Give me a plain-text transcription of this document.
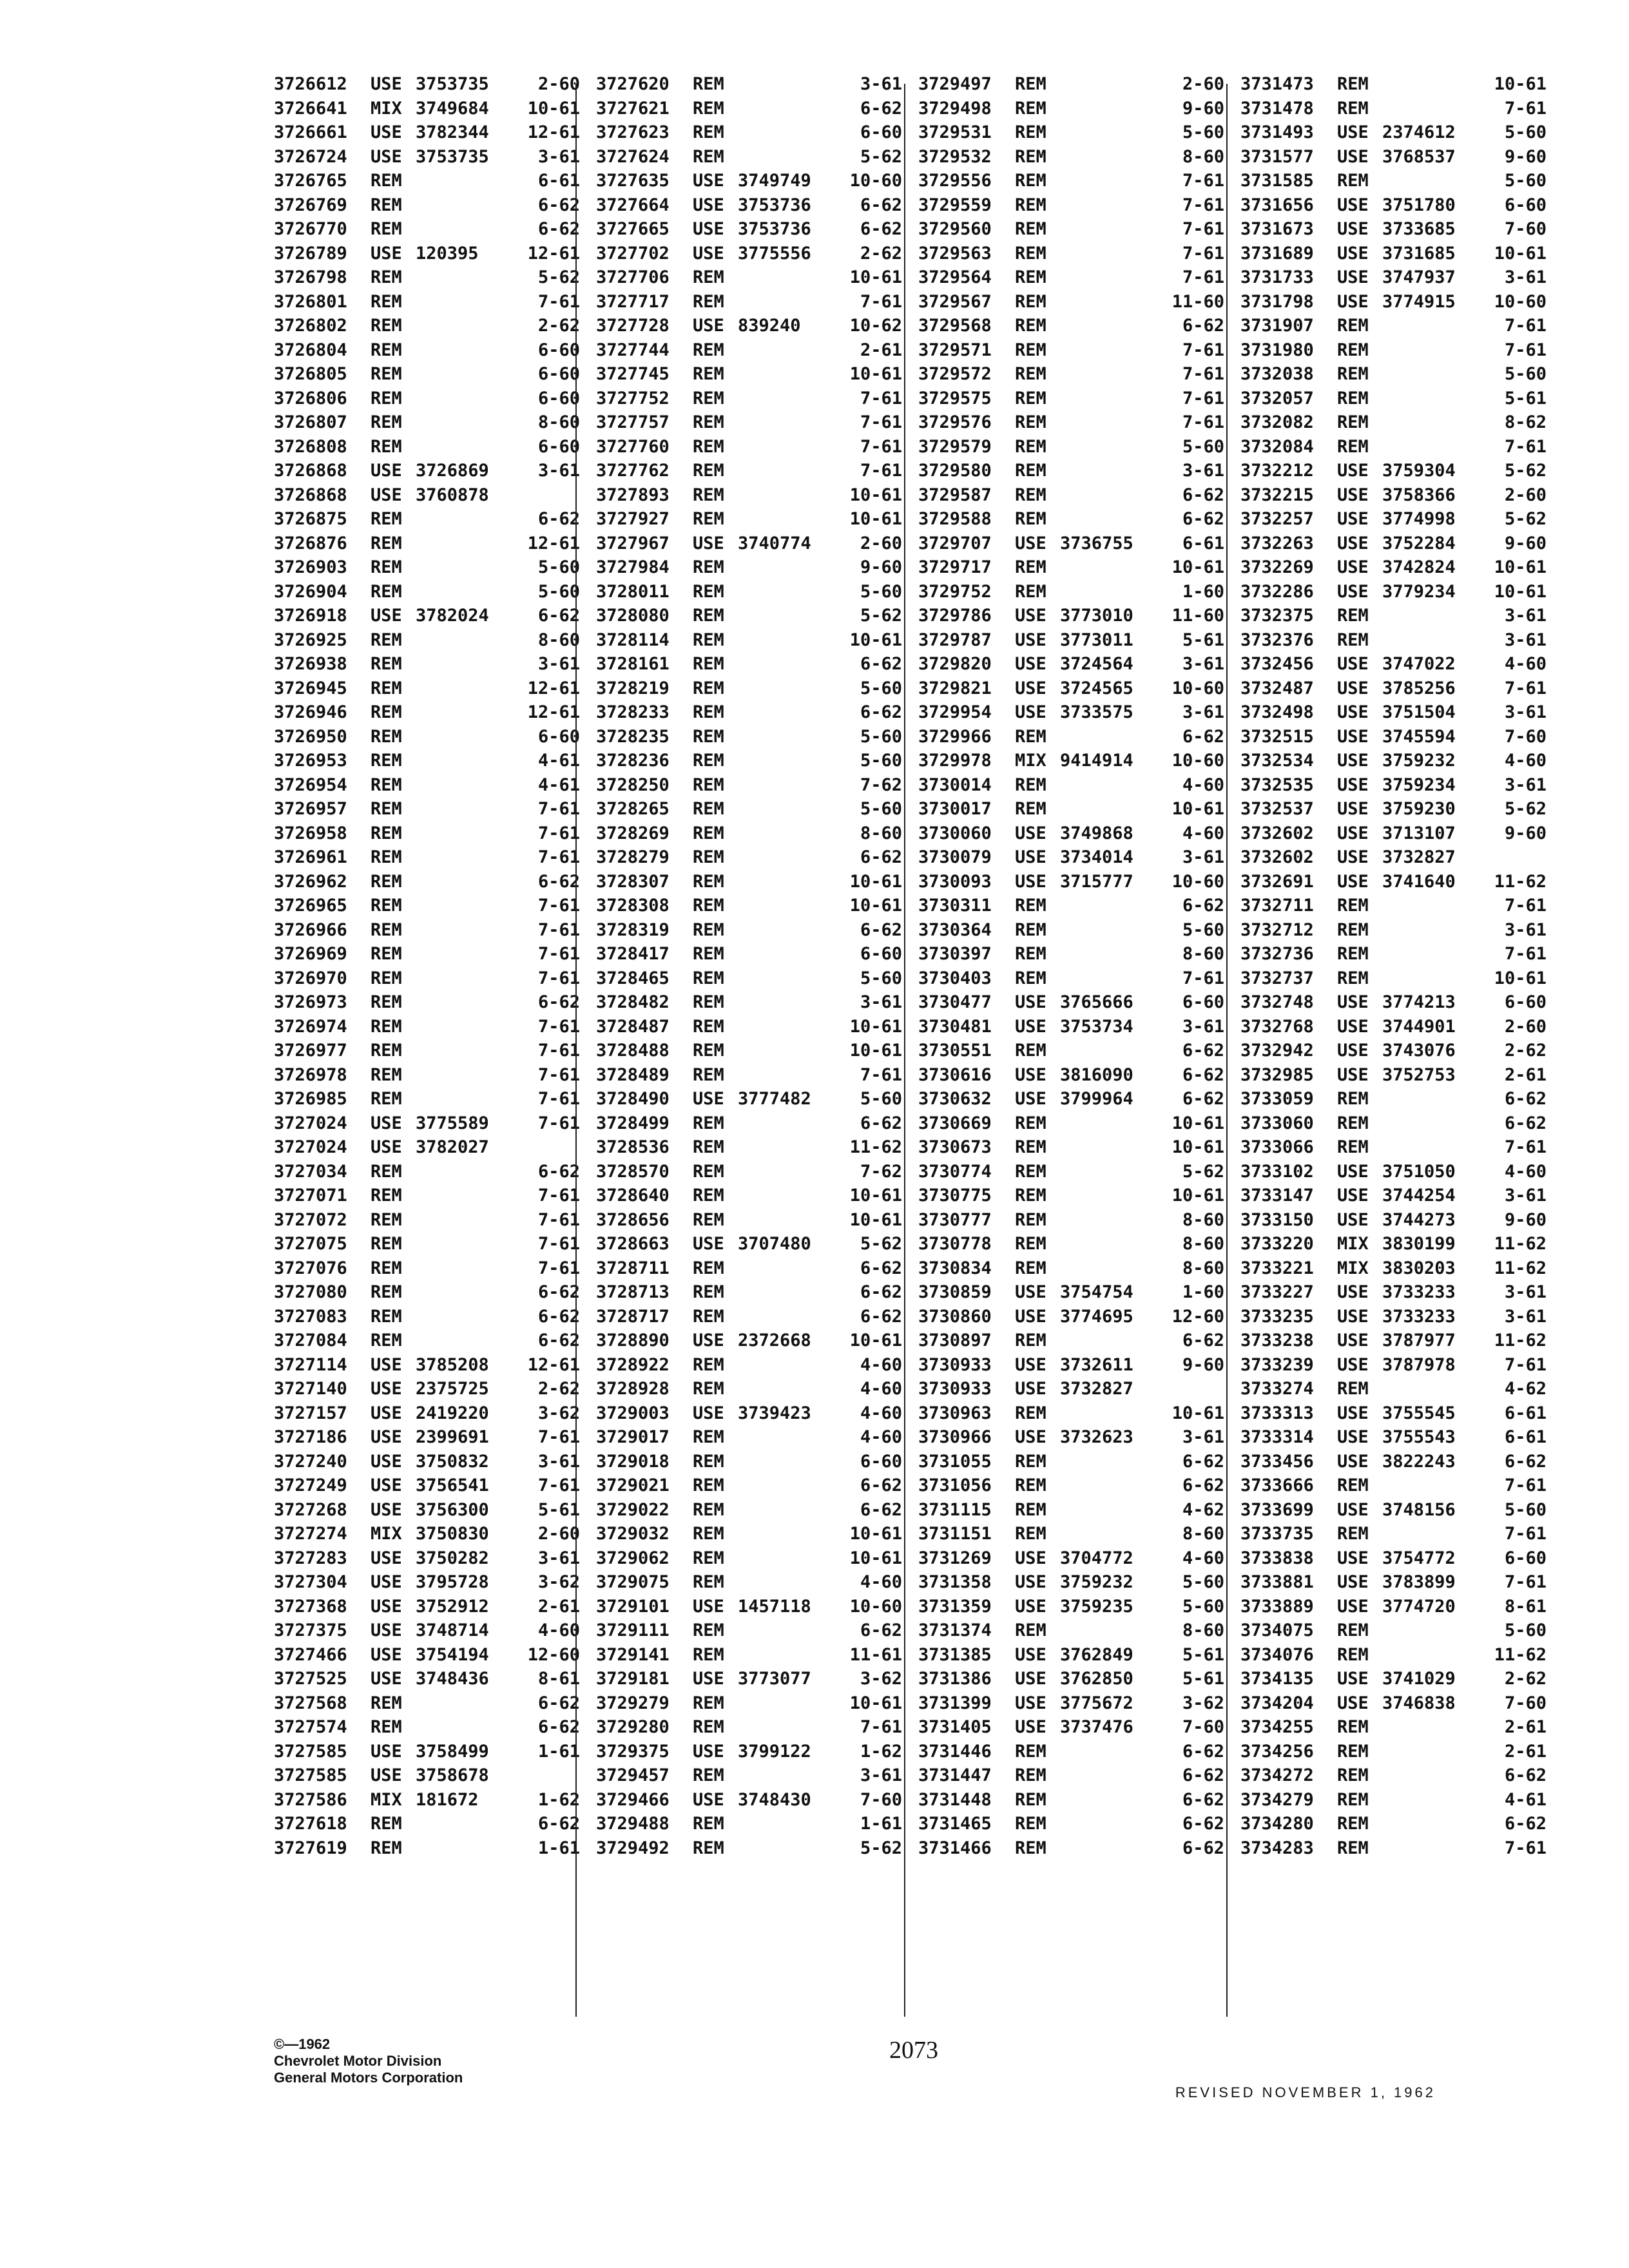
3726612	USE 3753735	2-60
3726641	MIX 3749684	10-61
3726661	USE 3782344	12-61
3726724	USE 3753735	3-61
3726765	REM	6-61
3726769	REM	6-62
3726770	REM	6-62
3726789	USE 120395	12-61
3726798	REM	5-62
3726801	REM	7-61
3726802	REM	2-62
3726804	REM	6-60
3726805	REM	6-60
3726806	REM	6-60
3726807	REM	8-60
3726808	REM	6-60
3726868	USE 3726869	3-61
3726868	USE 3760878
3726875	REM	6-62
3726876	REM	12-61
3726903	REM	5-60
3726904	REM	5-60
3726918	USE 3782024	6-62
3726925	REM	8-60
3726938	REM	3-61
3726945	REM	12-61
3726946	REM	12-61
3726950	REM	6-60
3726953	REM	4-61
3726954	REM	4-61
3726957	REM	7-61
3726958	REM	7-61
3726961	REM	7-61
3726962	REM	6-62
3726965	REM	7-61
3726966	REM	7-61
3726969	REM	7-61
3726970	REM	7-61
3726973	REM	6-62
3726974	REM	7-61
3726977	REM	7-61
3726978	REM	7-61
3726985	REM	7-61
3727024	USE 3775589	7-61
3727024	USE 3782027
3727034	REM	6-62
3727071	REM	7-61
3727072	REM	7-61
3727075	REM	7-61
3727076	REM	7-61
3727080	REM	6-62
3727083	REM	6-62
3727084	REM	6-62
3727114	USE 3785208	12-61
3727140	USE 2375725	2-62
3727157	USE 2419220	3-62
3727186	USE 2399691	7-61
3727240	USE 3750832	3-61
3727249	USE 3756541	7-61
3727268	USE 3756300	5-61
3727274	MIX 3750830	2-60
3727283	USE 3750282	3-61
3727304	USE 3795728	3-62
3727368	USE 3752912	2-61
3727375	USE 3748714	4-60
3727466	USE 3754194	12-60
3727525	USE 3748436	8-61
3727568	REM	6-62
3727574	REM	6-62
3727585	USE 3758499	1-61
3727585	USE 3758678
3727586	MIX 181672	1-62
3727618	REM	6-62
3727619	REM	1-61
3727620	REM	3-61
3727621	REM	6-62
3727623	REM	6-60
3727624	REM	5-62
3727635	USE 3749749	10-60
3727664	USE 3753736	6-62
3727665	USE 3753736	6-62
3727702	USE 3775556	2-62
3727706	REM	10-61
3727717	REM	7-61
3727728	USE 839240	10-62
3727744	REM	2-61
3727745	REM	10-61
3727752	REM	7-61
3727757	REM	7-61
3727760	REM	7-61
3727762	REM	7-61
3727893	REM	10-61
3727927	REM	10-61
3727967	USE 3740774	2-60
3727984	REM	9-60
3728011	REM	5-60
3728080	REM	5-62
3728114	REM	10-61
3728161	REM	6-62
3728219	REM	5-60
3728233	REM	6-62
3728235	REM	5-60
3728236	REM	5-60
3728250	REM	7-62
3728265	REM	5-60
3728269	REM	8-60
3728279	REM	6-62
3728307	REM	10-61
3728308	REM	10-61
3728319	REM	6-62
3728417	REM	6-60
3728465	REM	5-60
3728482	REM	3-61
3728487	REM	10-61
3728488	REM	10-61
3728489	REM	7-61
3728490	USE 3777482	5-60
3728499	REM	6-62
3728536	REM	11-62
3728570	REM	7-62
3728640	REM	10-61
3728656	REM	10-61
3728663	USE 3707480	5-62
3728711	REM	6-62
3728713	REM	6-62
3728717	REM	6-62
3728890	USE 2372668	10-61
3728922	REM	4-60
3728928	REM	4-60
3729003	USE 3739423	4-60
3729017	REM	4-60
3729018	REM	6-60
3729021	REM	6-62
3729022	REM	6-62
3729032	REM	10-61
3729062	REM	10-61
3729075	REM	4-60
3729101	USE 1457118	10-60
3729111	REM	6-62
3729141	REM	11-61
3729181	USE 3773077	3-62
3729279	REM	10-61
3729280	REM	7-61
3729375	USE 3799122	1-62
3729457	REM	3-61
3729466	USE 3748430	7-60
3729488	REM	1-61
3729492	REM	5-62
3729497	REM	2-60
3729498	REM	9-60
3729531	REM	5-60
3729532	REM	8-60
3729556	REM	7-61
3729559	REM	7-61
3729560	REM	7-61
3729563	REM	7-61
3729564	REM	7-61
3729567	REM	11-60
3729568	REM	6-62
3729571	REM	7-61
3729572	REM	7-61
3729575	REM	7-61
3729576	REM	7-61
3729579	REM	5-60
3729580	REM	3-61
3729587	REM	6-62
3729588	REM	6-62
3729707	USE 3736755	6-61
3729717	REM	10-61
3729752	REM	1-60
3729786	USE 3773010	11-60
3729787	USE 3773011	5-61
3729820	USE 3724564	3-61
3729821	USE 3724565	10-60
3729954	USE 3733575	3-61
3729966	REM	6-62
3729978	MIX 9414914	10-60
3730014	REM	4-60
3730017	REM	10-61
3730060	USE 3749868	4-60
3730079	USE 3734014	3-61
3730093	USE 3715777	10-60
3730311	REM	6-62
3730364	REM	5-60
3730397	REM	8-60
3730403	REM	7-61
3730477	USE 3765666	6-60
3730481	USE 3753734	3-61
3730551	REM	6-62
3730616	USE 3816090	6-62
3730632	USE 3799964	6-62
3730669	REM	10-61
3730673	REM	10-61
3730774	REM	5-62
3730775	REM	10-61
3730777	REM	8-60
3730778	REM	8-60
3730834	REM	8-60
3730859	USE 3754754	1-60
3730860	USE 3774695	12-60
3730897	REM	6-62
3730933	USE 3732611	9-60
3730933	USE 3732827
3730963	REM	10-61
3730966	USE 3732623	3-61
3731055	REM	6-62
3731056	REM	6-62
3731115	REM	4-62
3731151	REM	8-60
3731269	USE 3704772	4-60
3731358	USE 3759232	5-60
3731359	USE 3759235	5-60
3731374	REM	8-60
3731385	USE 3762849	5-61
3731386	USE 3762850	5-61
3731399	USE 3775672	3-62
3731405	USE 3737476	7-60
3731446	REM	6-62
3731447	REM	6-62
3731448	REM	6-62
3731465	REM	6-62
3731466	REM	6-62
3731473	REM	10-61
3731478	REM	7-61
3731493	USE 2374612	5-60
3731577	USE 3768537	9-60
3731585	REM	5-60
3731656	USE 3751780	6-60
3731673	USE 3733685	7-60
3731689	USE 3731685	10-61
3731733	USE 3747937	3-61
3731798	USE 3774915	10-60
3731907	REM	7-61
3731980	REM	7-61
3732038	REM	5-60
3732057	REM	5-61
3732082	REM	8-62
3732084	REM	7-61
3732212	USE 3759304	5-62
3732215	USE 3758366	2-60
3732257	USE 3774998	5-62
3732263	USE 3752284	9-60
3732269	USE 3742824	10-61
3732286	USE 3779234	10-61
3732375	REM	3-61
3732376	REM	3-61
3732456	USE 3747022	4-60
3732487	USE 3785256	7-61
3732498	USE 3751504	3-61
3732515	USE 3745594	7-60
3732534	USE 3759232	4-60
3732535	USE 3759234	3-61
3732537	USE 3759230	5-62
3732602	USE 3713107	9-60
3732602	USE 3732827
3732691	USE 3741640	11-62
3732711	REM	7-61
3732712	REM	3-61
3732736	REM	7-61
3732737	REM	10-61
3732748	USE 3774213	6-60
3732768	USE 3744901	2-60
3732942	USE 3743076	2-62
3732985	USE 3752753	2-61
3733059	REM	6-62
3733060	REM	6-62
3733066	REM	7-61
3733102	USE 3751050	4-60
3733147	USE 3744254	3-61
3733150	USE 3744273	9-60
3733220	MIX 3830199	11-62
3733221	MIX 3830203	11-62
3733227	USE 3733233	3-61
3733235	USE 3733233	3-61
3733238	USE 3787977	11-62
3733239	USE 3787978	7-61
3733274	REM	4-62
3733313	USE 3755545	6-61
3733314	USE 3755543	6-61
3733456	USE 3822243	6-62
3733666	REM	7-61
3733699	USE 3748156	5-60
3733735	REM	7-61
3733838	USE 3754772	6-60
3733881	USE 3783899	7-61
3733889	USE 3774720	8-61
3734075	REM	5-60
3734076	REM	11-62
3734135	USE 3741029	2-62
3734204	USE 3746838	7-60
3734255	REM	2-61
3734256	REM	2-61
3734272	REM	6-62
3734279	REM	4-61
3734280	REM	6-62
3734283	REM	7-61
©—1962
Chevrolet Motor Division
General Motors Corporation
2073
REVISED NOVEMBER 1, 1962
